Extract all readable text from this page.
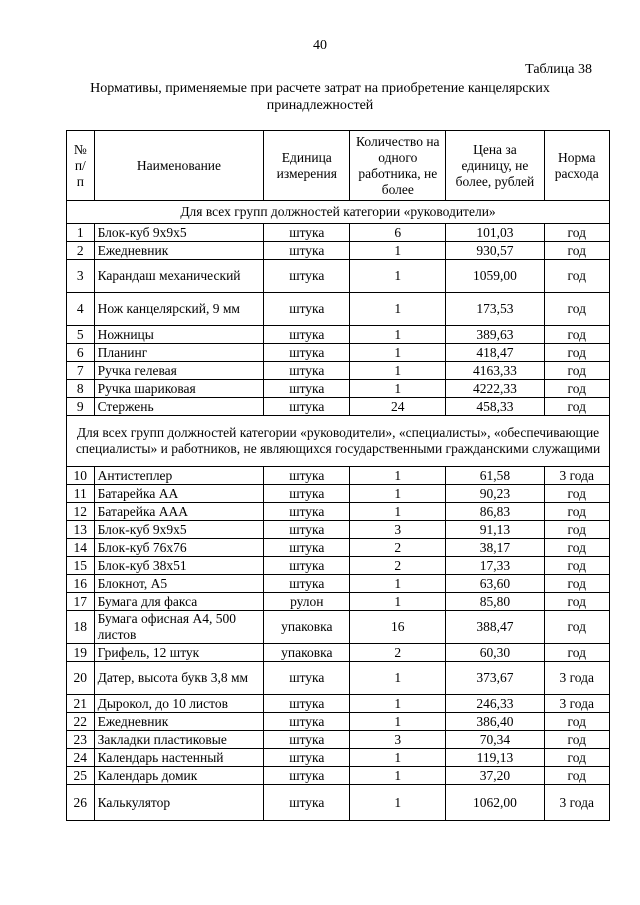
40
Таблица 38
Нормативы, применяемые при расчете затрат на приобретение канцелярских принадлежностей
№ п/ п	Наименование	Единица измерения	Количество на одного работника, не более	Цена за единицу, не более, рублей	Норма расхода
Для всех групп должностей категории «руководители»					
1	Блок-куб 9х9х5	штука	6	101,03	год
2	Ежедневник	штука	1	930,57	год
3	Карандаш механический	штука	1	1059,00	год
4	Нож канцелярский, 9 мм	штука	1	173,53	год
5	Ножницы	штука	1	389,63	год
6	Планинг	штука	1	418,47	год
7	Ручка гелевая	штука	1	4163,33	год
8	Ручка шариковая	штука	1	4222,33	год
9	Стержень	штука	24	458,33	год
Для всех групп должностей категории «руководители», «специалисты», «обеспечивающие специалисты» и работников, не являющихся государственными гражданскими служащими					
10	Антистеплер	штука	1	61,58	3 года
11	Батарейка АА	штука	1	90,23	год
12	Батарейка ААА	штука	1	86,83	год
13	Блок-куб 9х9х5	штука	3	91,13	год
14	Блок-куб 76х76	штука	2	38,17	год
15	Блок-куб 38х51	штука	2	17,33	год
16	Блокнот, А5	штука	1	63,60	год
17	Бумага для факса	рулон	1	85,80	год
18	Бумага офисная А4, 500 листов	упаковка	16	388,47	год
19	Грифель, 12 штук	упаковка	2	60,30	год
20	Датер, высота букв 3,8 мм	штука	1	373,67	3 года
21	Дырокол, до 10 листов	штука	1	246,33	3 года
22	Ежедневник	штука	1	386,40	год
23	Закладки пластиковые	штука	3	70,34	год
24	Календарь настенный	штука	1	119,13	год
25	Календарь домик	штука	1	37,20	год
26	Калькулятор	штука	1	1062,00	3 года
